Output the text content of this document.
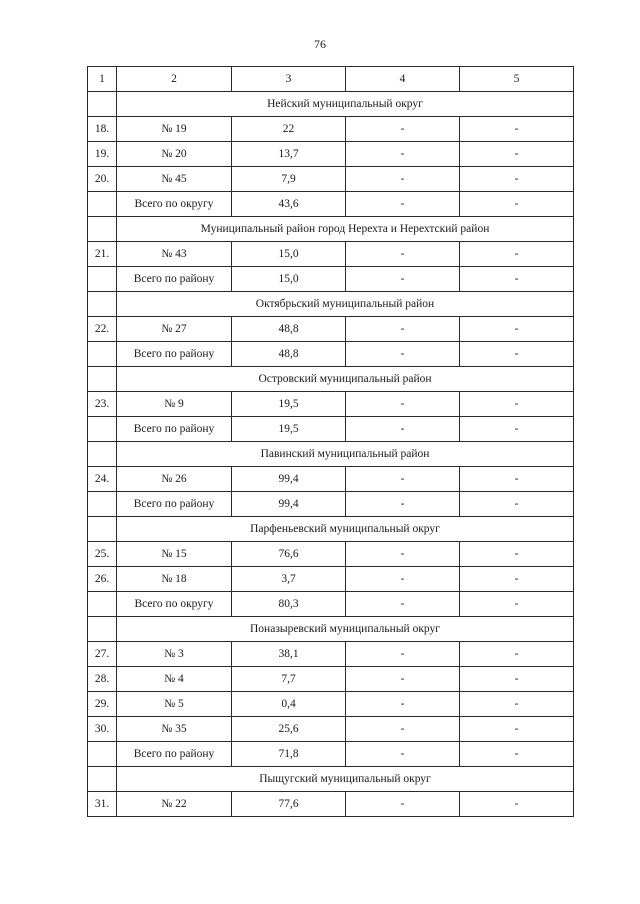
76
1	2	3	4	5
	Нейский муниципальный округ			
18.	№ 19	22	-	-
19.	№ 20	13,7	-	-
20.	№ 45	7,9	-	-
	Всего по округу	43,6	-	-
	Муниципальный район город Нерехта и Нерехтский район			
21.	№ 43	15,0	-	-
	Всего по району	15,0	-	-
	Октябрьский муниципальный район			
22.	№ 27	48,8	-	-
	Всего по району	48,8	-	-
	Островский муниципальный район			
23.	№ 9	19,5	-	-
	Всего по району	19,5	-	-
	Павинский муниципальный район			
24.	№ 26	99,4	-	-
	Всего по району	99,4	-	-
	Парфеньевский муниципальный округ			
25.	№ 15	76,6	-	-
26.	№ 18	3,7	-	-
	Всего по округу	80,3	-	-
	Поназыревский муниципальный округ			
27.	№ 3	38,1	-	-
28.	№ 4	7,7	-	-
29.	№ 5	0,4	-	-
30.	№ 35	25,6	-	-
	Всего по району	71,8	-	-
	Пыщугский муниципальный округ			
31.	№ 22	77,6	-	-
